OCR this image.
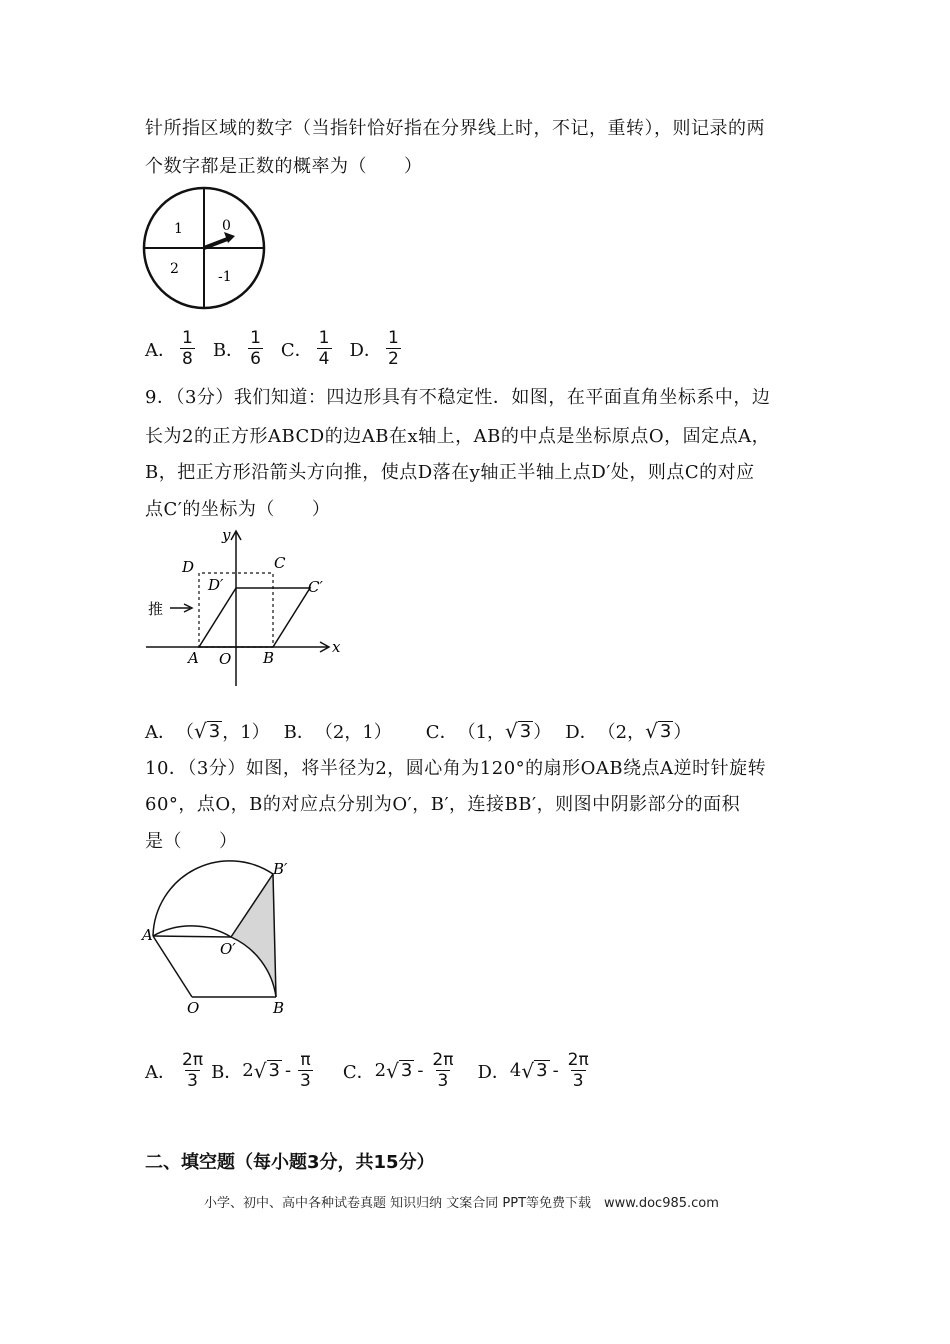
针所指区域的数字（当指针恰好指在分界线上时，不记，重转），则记录的两
个数字都是正数的概率为（　　）
1	0
2	-1
A． $\frac{1}{8}$ B． $\frac{1}{6}$ C． $\frac{1}{4}$ D． $\frac{1}{2}$
9．（3分）我们知道：四边形具有不稳定性．如图，在平面直角坐标系中，边
长为2的正方形ABCD的边AB在x轴上，AB的中点是坐标原点O，固定点A，
B，把正方形沿箭头方向推，使点D落在y轴正半轴上点D′处，则点C的对应
点C′的坐标为（　　）
y
x
D	C
D′	C′
推
A O B
A． （ √ 3 ，1） B． （2，1） C． （1， √ 3 ） D． （2， √ 3 ）
10．（3分）如图，将半径为2，圆心角为120°的扇形OAB绕点A逆时针旋转
60°，点O，B的对应点分别为O′，B′，连接BB′，则图中阴影部分的面积
是（　　）
B′
A
O′
O	B
A． $\frac{2\pi}{3}$ B． 2 √ $3 - \frac{\pi}{3}$ C． 2 √ $3 - \frac{2\pi}{3}$ D． 4 √ $3 - \frac{2\pi}{3}$
二、填空题（每小题3分，共15分）
小学、初中、高中各种试卷真题 知识归纳 文案合同 PPT等免费下载　www.doc985.com
